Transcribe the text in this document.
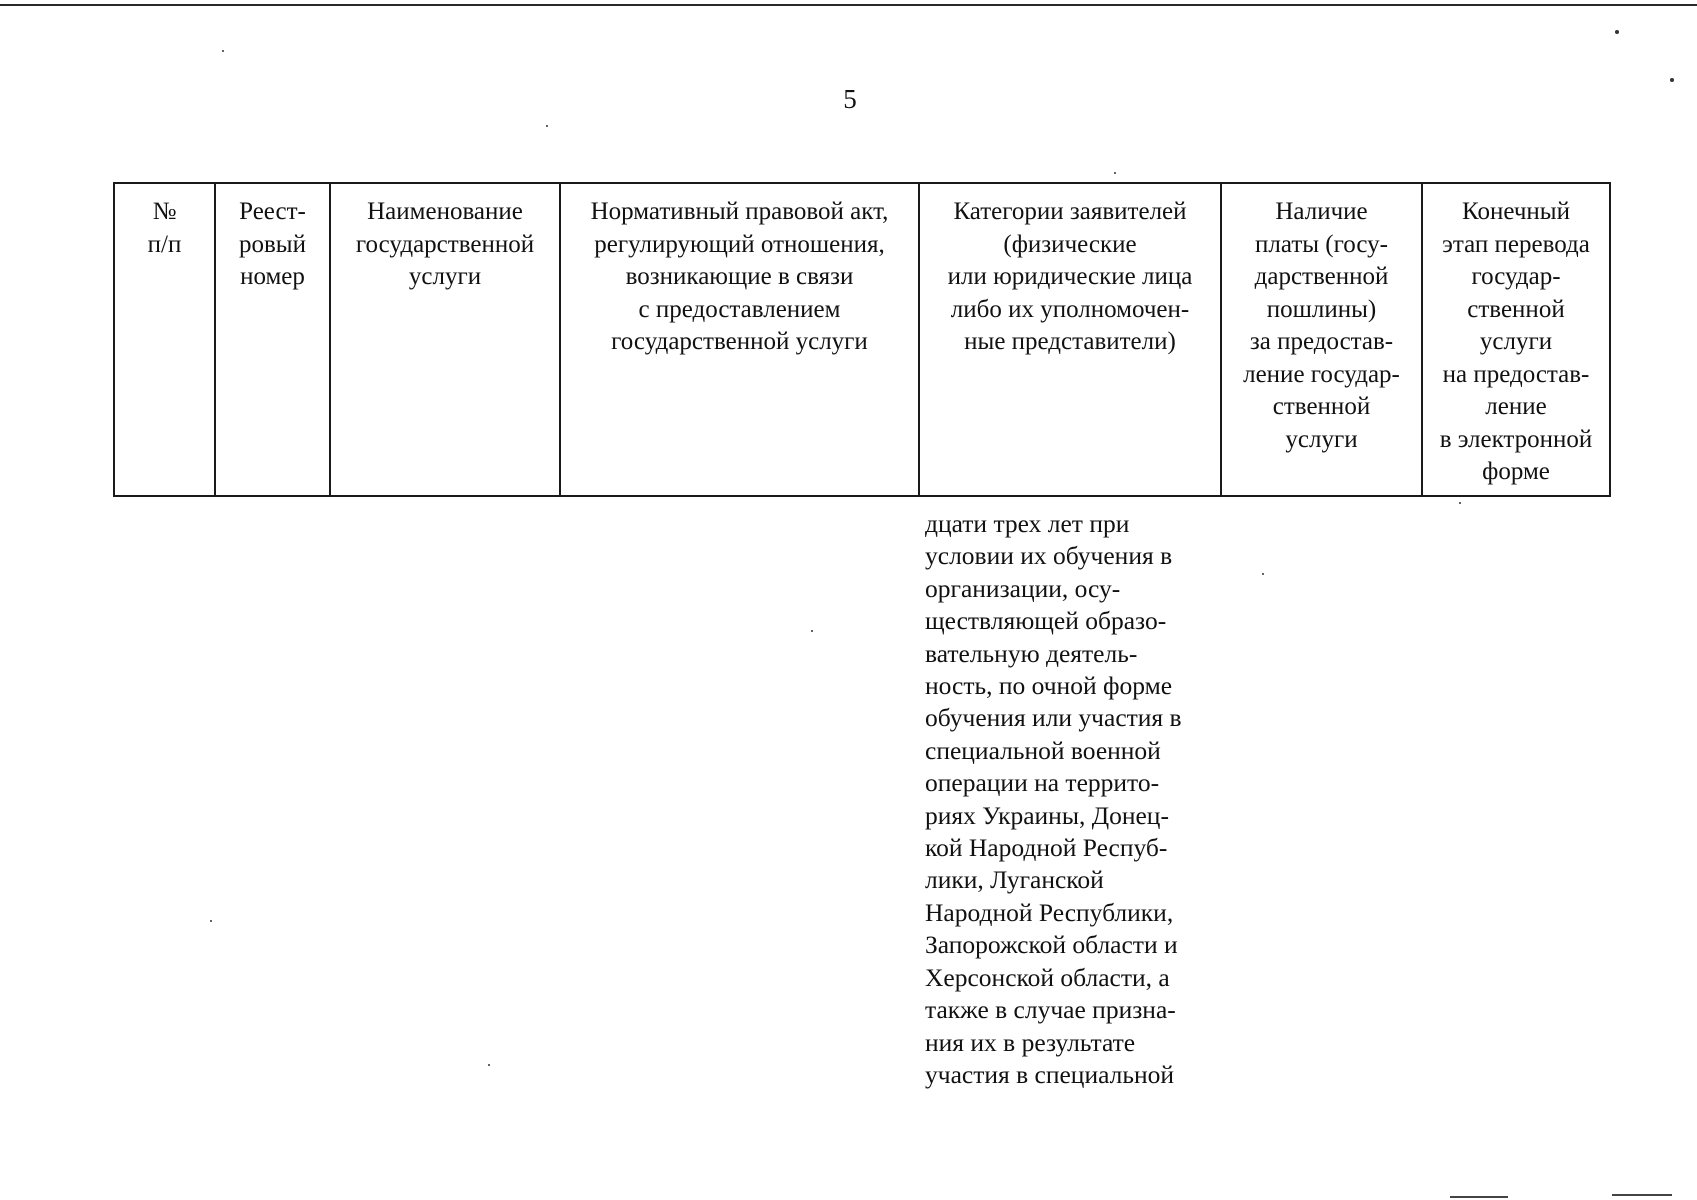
5
№
п/п	Реест-
ровый
номер	Наименование
государственной
услуги	Нормативный правовой акт,
регулирующий отношения,
возникающие в связи
с предоставлением
государственной услуги	Категории заявителей
(физические
или юридические лица
либо их уполномочен-
ные представители)	Наличие
платы (госу-
дарственной
пошлины)
за предостав-
ление государ-
ственной
услуги	Конечный
этап перевода
государ-
ственной
услуги
на предостав-
ление
в электронной
форме
дцати трех лет при
условии их обучения в
организации, осу-
ществляющей образо-
вательную деятель-
ность, по очной форме
обучения или участия в
специальной военной
операции на террито-
риях Украины, Донец-
кой Народной Респуб-
лики, Луганской
Народной Республики,
Запорожской области и
Херсонской области, а
также в случае призна-
ния их в результате
участия в специальной
